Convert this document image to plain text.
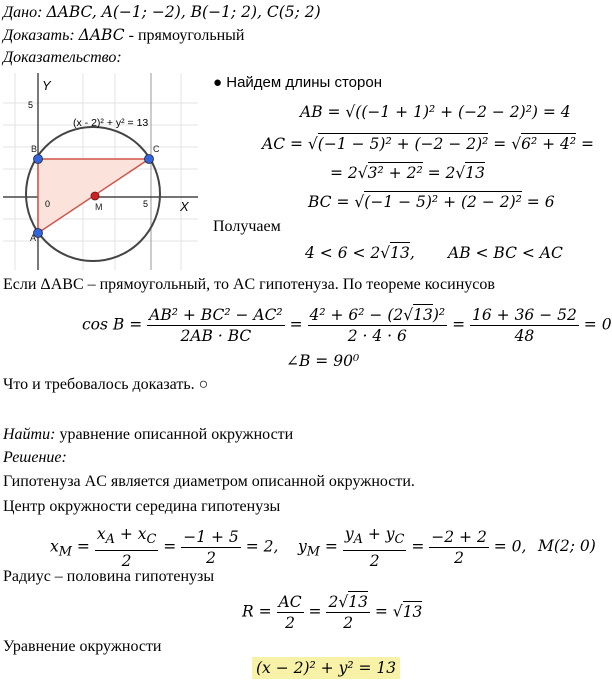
Дано: ΔABC, A(−1; −2), B(−1; 2), C(5; 2)
Доказать: ΔABC - прямоугольный
Доказательство:
Y
X
5
5
0
(x - 2)² + y² = 13
B	C
A
M
● Найдем длины сторон
AB = √((−1 + 1)² + (−2 − 2)²) = 4
AC = √(−1 − 5)² + (−2 − 2)² = √6² + 4² =
= 2√3² + 2² = 2√13
BC = √(−1 − 5)² + (2 − 2)² = 6
Получаем
4 < 6 < 2√13, AB < BC < AC
Если ΔABC – прямоугольный, то AC гипотенуза. По теореме косинусов
$\cos B = \frac{\text{AB² + BC² − AC²}}{2AB \cdot BC} = \frac{\text{4² + 6² − (2√13)²}}{2 \cdot 4 \cdot 6} = \frac{16 + 36 - 52}{48} = 0$
∠B = 90⁰
Что и требовалось доказать. ○
Найти: уравнение описанной окружности
Решение:
Гипотенуза AC является диаметром описанной окружности.
Центр окружности середина гипотенузы
$x_M = \frac{x_A + x_C}{2} = \frac{-1 + 5}{2} = 2$, $y_M = \frac{y_A + y_C}{2} = \frac{-2 + 2}{2} = 0$, M(2; 0)
Радиус – половина гипотенузы
$R = \frac{AC}{2} = \frac{2√13}{2} = √13$
Уравнение окружности
(x − 2)² + y² = 13
